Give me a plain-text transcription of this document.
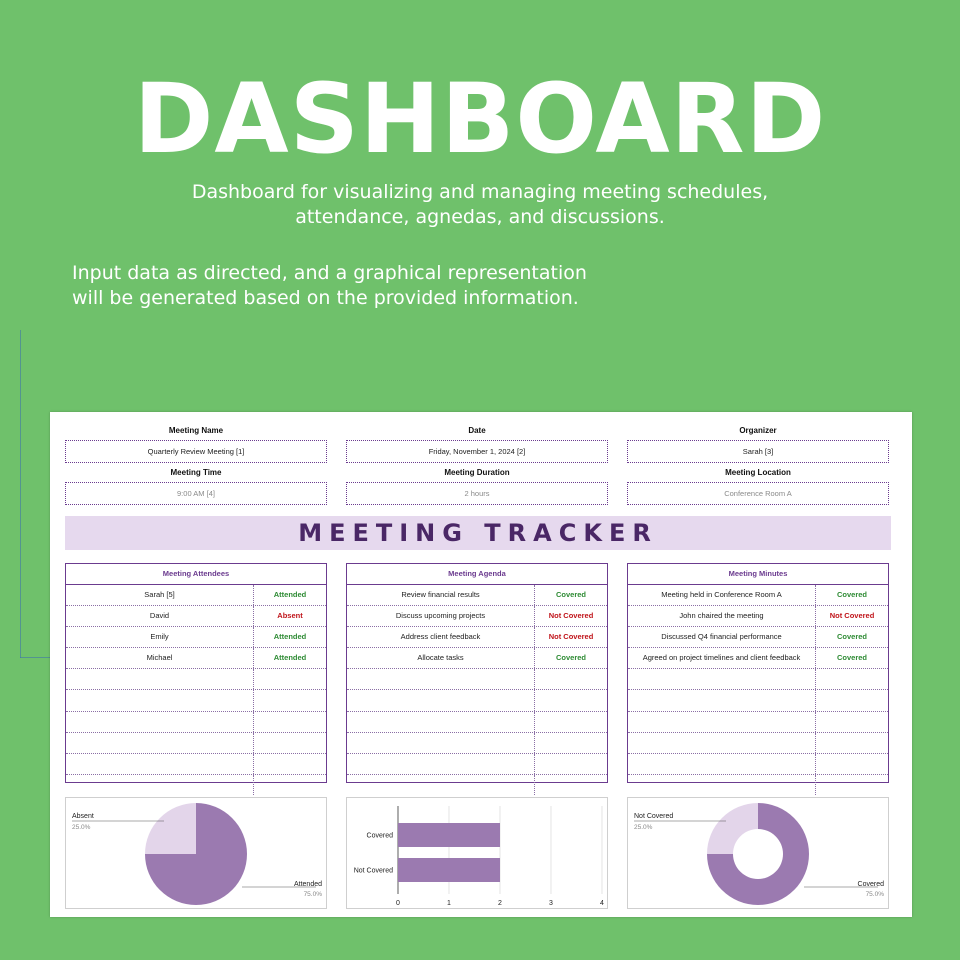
DASHBOARD
Dashboard for visualizing and managing meeting schedules,
attendance, agnedas, and discussions.
Input data as directed, and a graphical representation
will be generated based on the provided information.
Meeting Name
Quarterly Review Meeting [1]
Date
Friday, November 1, 2024 [2]
Organizer
Sarah [3]
Meeting Time
9:00 AM [4]
Meeting Duration
2 hours
Meeting Location
Conference Room A
MEETING TRACKER
Meeting Attendees
Sarah [5]	Attended
David	Absent
Emily	Attended
Michael	Attended
Meeting Agenda
Review financial results	Covered
Discuss upcoming projects	Not Covered
Address client feedback	Not Covered
Allocate tasks	Covered
Meeting Minutes
Meeting held in Conference Room A	Covered
John chaired the meeting	Not Covered
Discussed Q4 financial performance	Covered
Agreed on project timelines and client feedback	Covered
Attended
75.0%
Absent
25.0%
0	1	2	3	4
Covered
Not Covered
Covered
75.0%
Not Covered
25.0%
